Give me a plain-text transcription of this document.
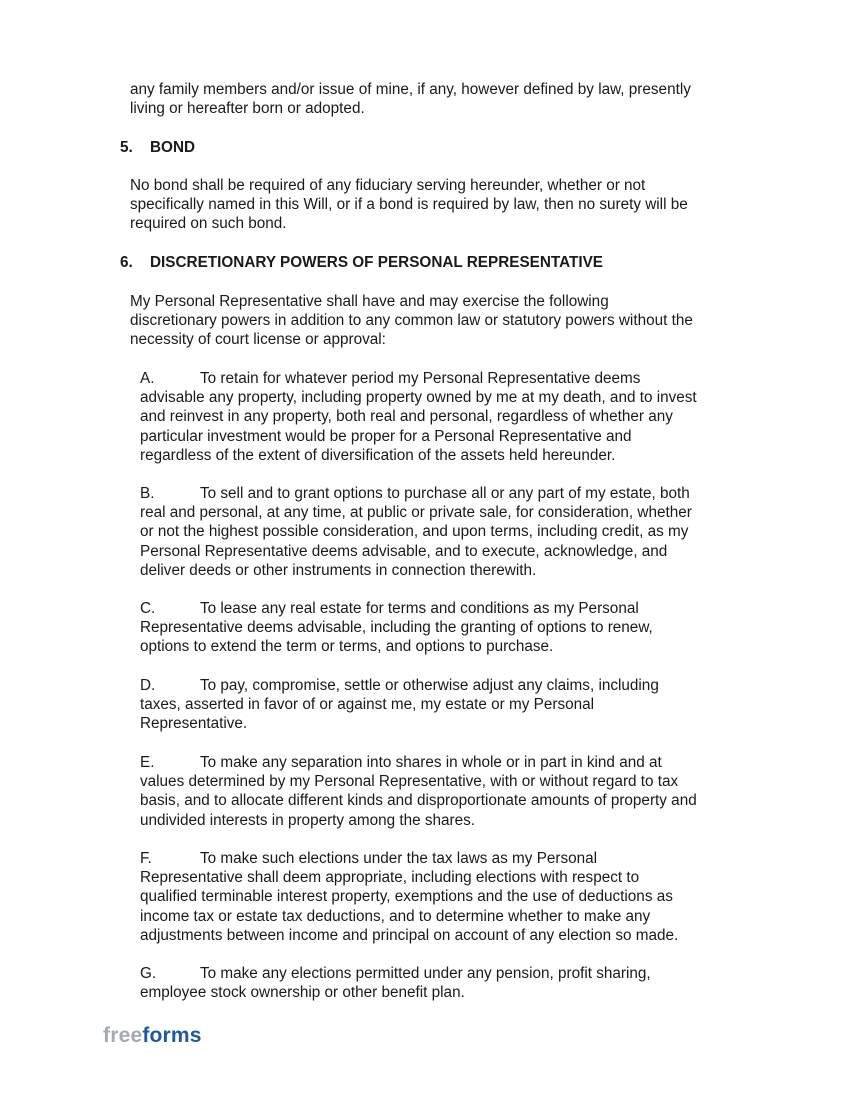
any family members and/or issue of mine, if any, however defined by law, presently
living or hereafter born or adopted.

5. BOND

No bond shall be required of any fiduciary serving hereunder, whether or not
specifically named in this Will, or if a bond is required by law, then no surety will be
required on such bond.

6. DISCRETIONARY POWERS OF PERSONAL REPRESENTATIVE

My Personal Representative shall have and may exercise the following
discretionary powers in addition to any common law or statutory powers without the
necessity of court license or approval:

A.	To retain for whatever period my Personal Representative deems
advisable any property, including property owned by me at my death, and to invest
and reinvest in any property, both real and personal, regardless of whether any
particular investment would be proper for a Personal Representative and
regardless of the extent of diversification of the assets held hereunder.
B.	To sell and to grant options to purchase all or any part of my estate, both
real and personal, at any time, at public or private sale, for consideration, whether
or not the highest possible consideration, and upon terms, including credit, as my
Personal Representative deems advisable, and to execute, acknowledge, and
deliver deeds or other instruments in connection therewith.
C.	To lease any real estate for terms and conditions as my Personal
Representative deems advisable, including the granting of options to renew,
options to extend the term or terms, and options to purchase.
D.	To pay, compromise, settle or otherwise adjust any claims, including
taxes, asserted in favor of or against me, my estate or my Personal
Representative.
E.	To make any separation into shares in whole or in part in kind and at
values determined by my Personal Representative, with or without regard to tax
basis, and to allocate different kinds and disproportionate amounts of property and
undivided interests in property among the shares.
F.	To make such elections under the tax laws as my Personal
Representative shall deem appropriate, including elections with respect to
qualified terminable interest property, exemptions and the use of deductions as
income tax or estate tax deductions, and to determine whether to make any
adjustments between income and principal on account of any election so made.
G.	To make any elections permitted under any pension, profit sharing,
employee stock ownership or other benefit plan.
freeforms
